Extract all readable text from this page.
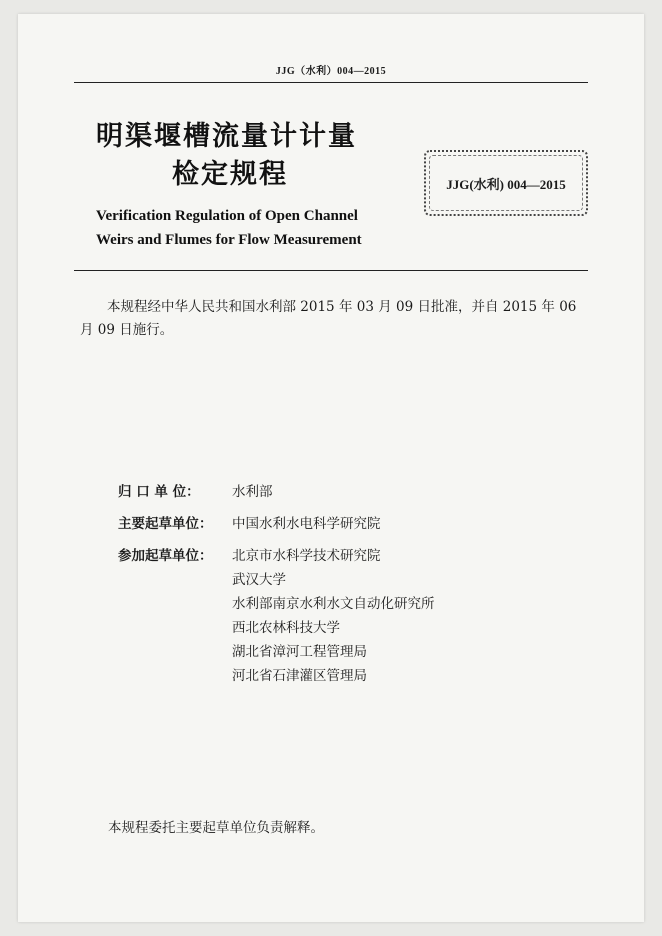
JJG（水利）004—2015
明渠堰槽流量计计量
检定规程	JJG(水利) 004—2015
Verification Regulation of Open Channel
Weirs and Flumes for Flow Measurement
本规程经中华人民共和国水利部 2015 年 03 月 09 日批准，并自 2015 年 06 月 09 日施行。
归 口 单 位：	水利部
主要起草单位：	中国水利水电科学研究院
参加起草单位：	北京市水科学技术研究院
武汉大学
水利部南京水利水文自动化研究所
西北农林科技大学
湖北省漳河工程管理局
河北省石津灌区管理局
本规程委托主要起草单位负责解释。
